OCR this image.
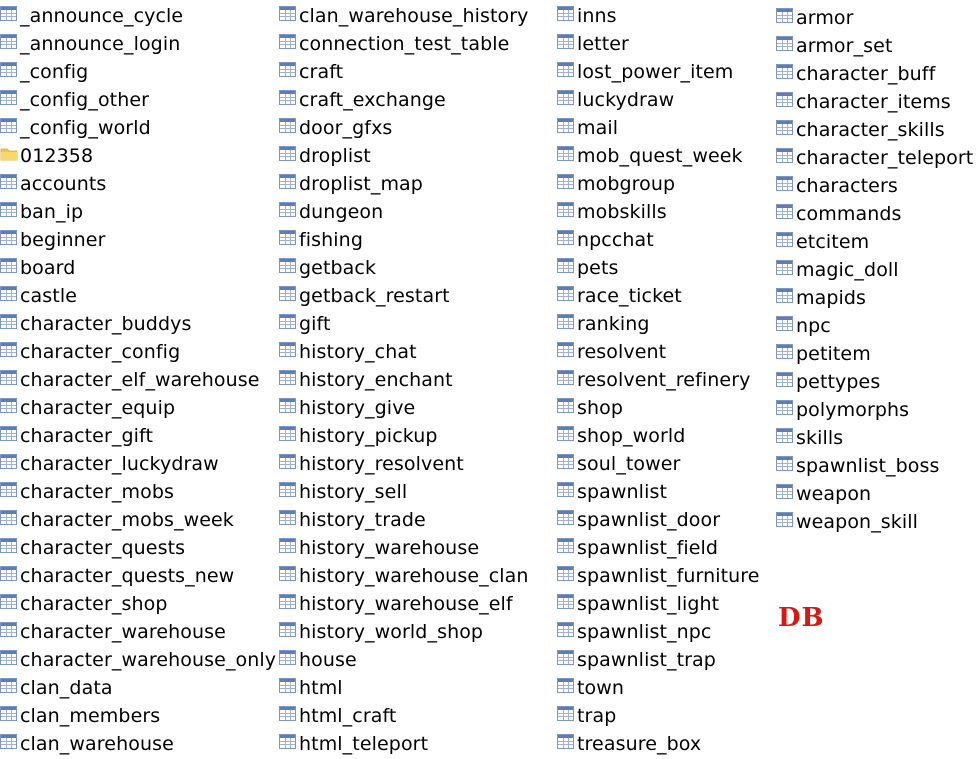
_announce_cycle
_announce_login
_config
_config_other
_config_world
012358
accounts
ban_ip
beginner
board
castle
character_buddys
character_config
character_elf_warehouse
character_equip
character_gift
character_luckydraw
character_mobs
character_mobs_week
character_quests
character_quests_new
character_shop
character_warehouse
character_warehouse_only
clan_data
clan_members
clan_warehouse
clan_warehouse_history
connection_test_table
craft
craft_exchange
door_gfxs
droplist
droplist_map
dungeon
fishing
getback
getback_restart
gift
history_chat
history_enchant
history_give
history_pickup
history_resolvent
history_sell
history_trade
history_warehouse
history_warehouse_clan
history_warehouse_elf
history_world_shop
house
html
html_craft
html_teleport
inns
letter
lost_power_item
luckydraw
mail
mob_quest_week
mobgroup
mobskills
npcchat
pets
race_ticket
ranking
resolvent
resolvent_refinery
shop
shop_world
soul_tower
spawnlist
spawnlist_door
spawnlist_field
spawnlist_furniture
spawnlist_light
spawnlist_npc
spawnlist_trap
town
trap
treasure_box
armor
armor_set
character_buff
character_items
character_skills
character_teleport
characters
commands
etcitem
magic_doll
mapids
npc
petitem
pettypes
polymorphs
skills
spawnlist_boss
weapon
weapon_skill
DB
